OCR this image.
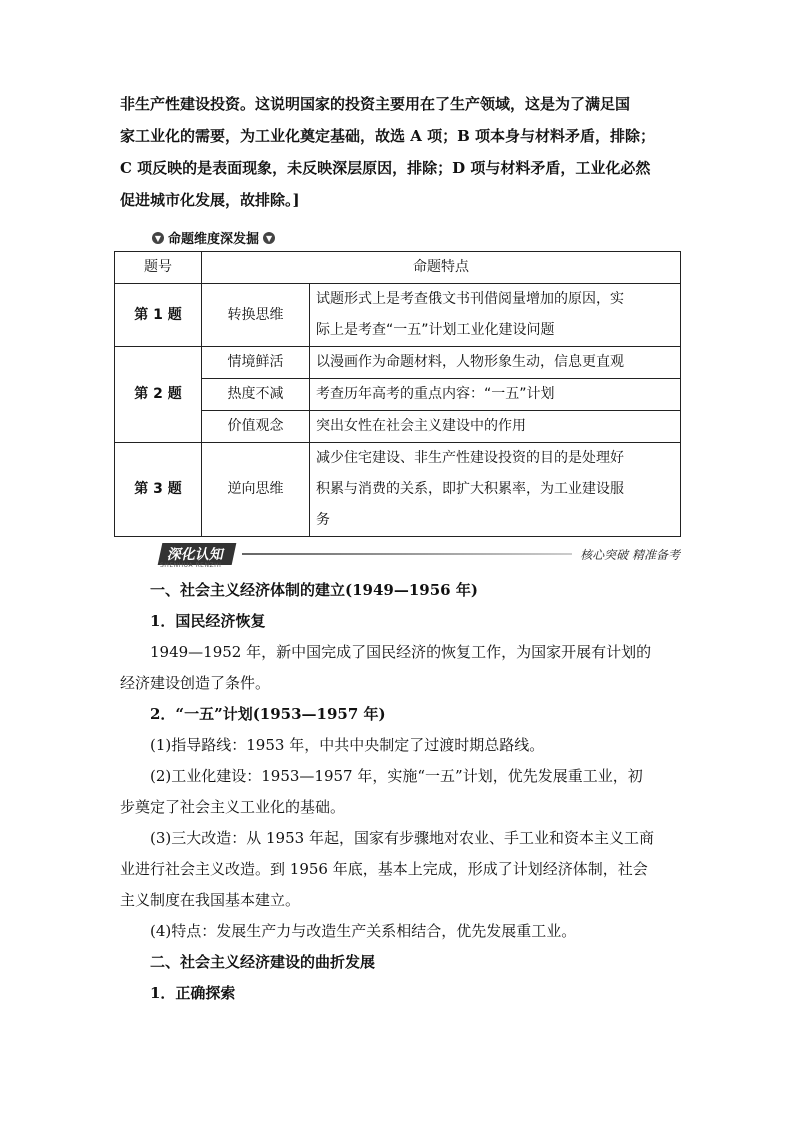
非生产性建设投资。这说明国家的投资主要用在了生产领域，这是为了满足国

家工业化的需要，为工业化奠定基础，故选 A 项；B 项本身与材料矛盾，排除；

C 项反映的是表面现象，未反映深层原因，排除；D 项与材料矛盾，工业化必然

促进城市化发展，故排除。]

▼ 命题维度深发掘 ▼
题号	命题特点	
第 1 题	转换思维	试题形式上是考查俄文书刊借阅量增加的原因，实
际上是考查“一五”计划工业化建设问题

第 2 题	情境鲜活	以漫画作为命题材料，人物形象生动，信息更直观
	热度不减	考查历年高考的重点内容：“一五”计划
	价值观念	突出女性在社会主义建设中的作用
第 3 题	逆向思维	减少住宅建设、非生产性建设投资的目的是处理好
积累与消费的关系，即扩大积累率，为工业建设服
务
深化认知
SHENHUA RENZHI
核心突破 精准备考

一、社会主义经济体制的建立(1949—1956 年)

1．国民经济恢复

1949—1952 年，新中国完成了国民经济的恢复工作，为国家开展有计划的

经济建设创造了条件。

2．“一五”计划(1953—1957 年)

(1)指导路线：1953 年，中共中央制定了过渡时期总路线。

(2)工业化建设：1953—1957 年，实施“一五”计划，优先发展重工业，初

步奠定了社会主义工业化的基础。

(3)三大改造：从 1953 年起，国家有步骤地对农业、手工业和资本主义工商

业进行社会主义改造。到 1956 年底，基本上完成，形成了计划经济体制，社会

主义制度在我国基本建立。

(4)特点：发展生产力与改造生产关系相结合，优先发展重工业。

二、社会主义经济建设的曲折发展

1．正确探索
